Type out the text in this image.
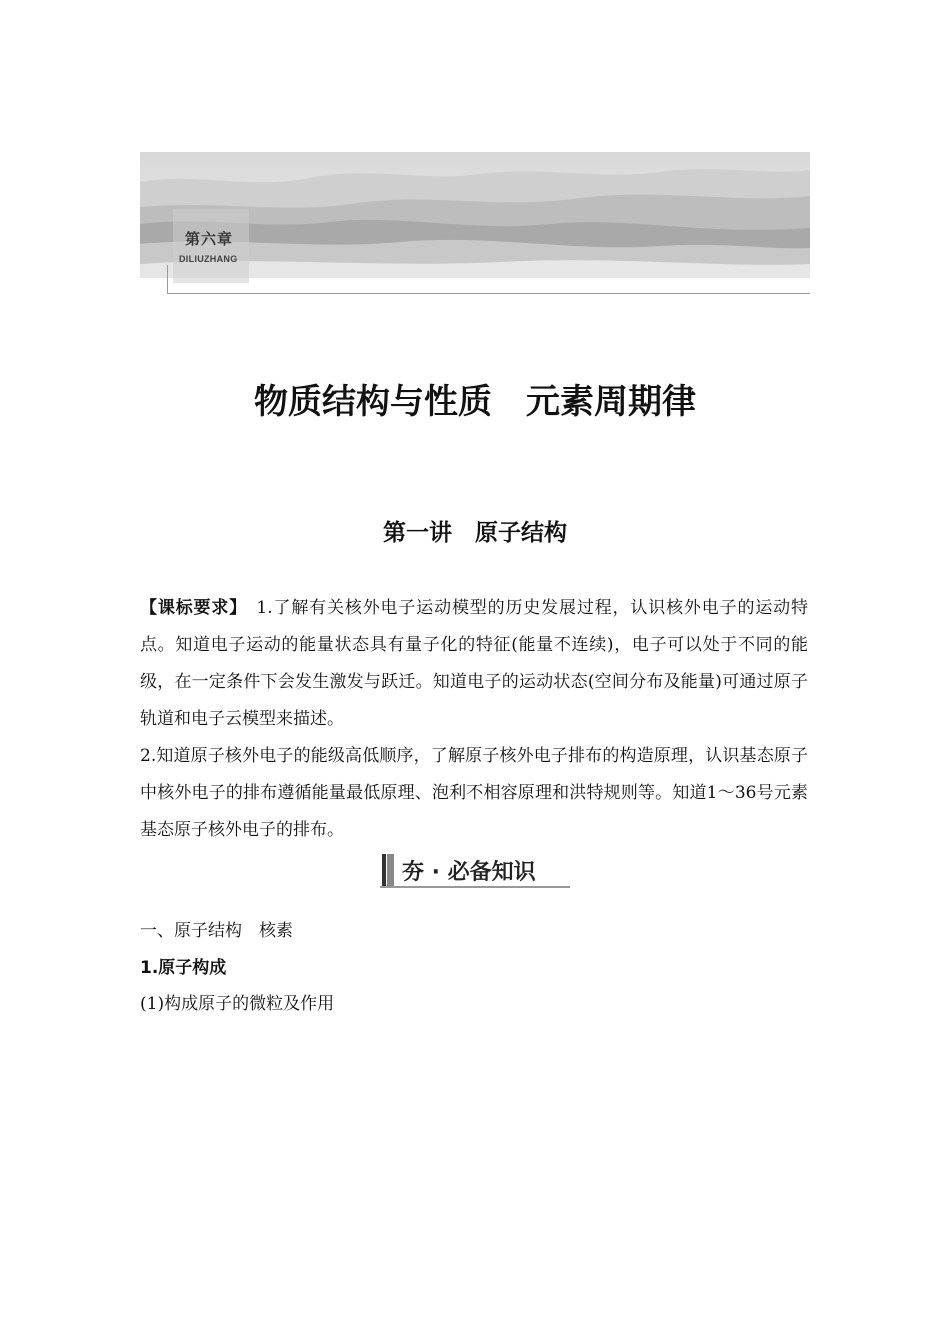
第六章
DILIUZHANG
物质结构与性质　元素周期律
第一讲　原子结构

【课标要求】　1.了解有关核外电子运动模型的历史发展过程，认识核外电子的运动特点。知道电子运动的能量状态具有量子化的特征(能量不连续)，电子可以处于不同的能级，在一定条件下会发生激发与跃迁。知道电子的运动状态(空间分布及能量)可通过原子轨道和电子云模型来描述。

2.知道原子核外电子的能级高低顺序，了解原子核外电子排布的构造原理，认识基态原子中核外电子的排布遵循能量最低原理、泡利不相容原理和洪特规则等。知道1～36号元素基态原子核外电子的排布。

夯 · 必备知识
一、原子结构　核素
1.原子构成
(1)构成原子的微粒及作用
